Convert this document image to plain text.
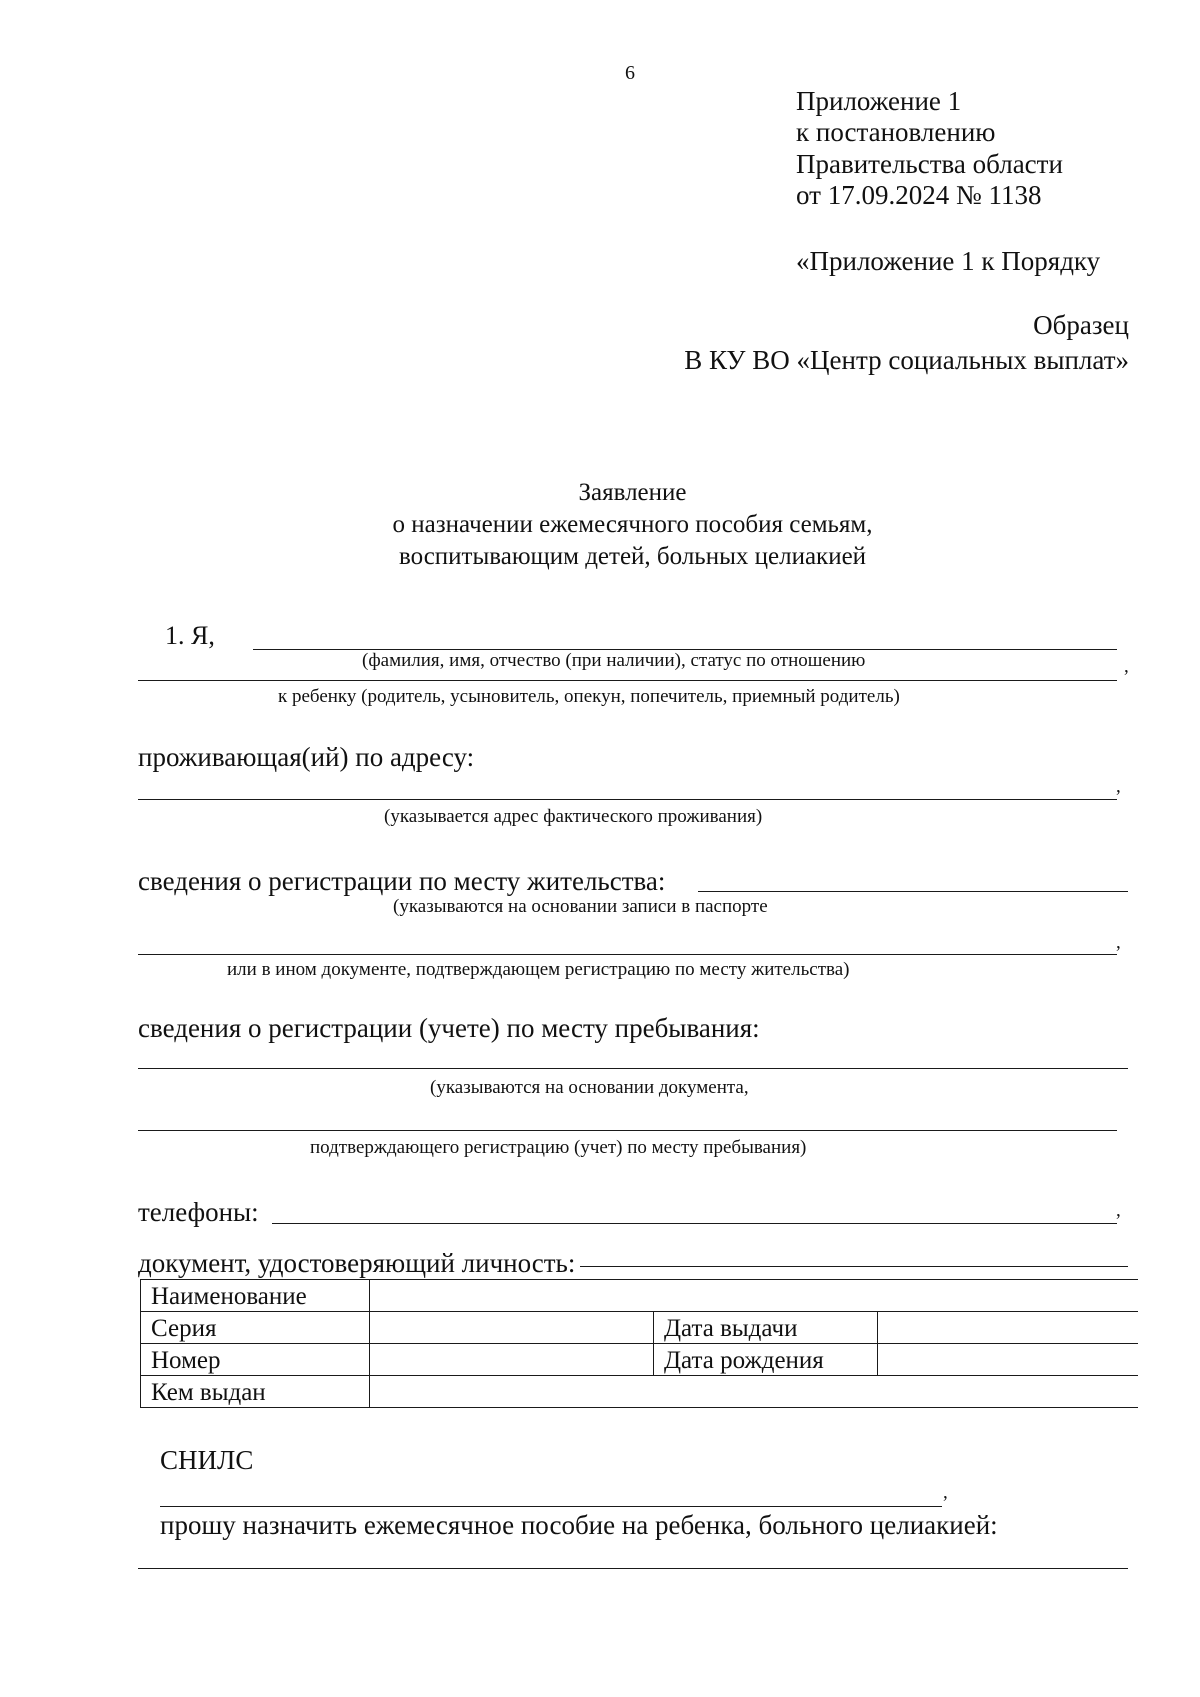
6
Приложение 1
к постановлению
Правительства области
от 17.09.2024 № 1138
«Приложение 1 к Порядку
Образец
В КУ ВО «Центр социальных выплат»
Заявление
о назначении ежемесячного пособия семьям,
воспитывающим детей, больных целиакией
1. Я,
(фамилия, имя, отчество (при наличии), статус по отношению	,
к ребенку (родитель, усыновитель, опекун, попечитель, приемный родитель)
проживающая(ий) по адресу:
,
(указывается адрес фактического проживания)
сведения о регистрации по месту жительства:
(указываются на основании записи в паспорте
,
или в ином документе, подтверждающем регистрацию по месту жительства)
сведения о регистрации (учете) по месту пребывания:
(указываются на основании документа,
подтверждающего регистрацию (учет) по месту пребывания)
телефоны:	,
документ, удостоверяющий личность:
Наименование			
Серия		Дата выдачи	
Номер		Дата рождения	
Кем выдан			
СНИЛС
,
прошу назначить ежемесячное пособие на ребенка, больного целиакией:
